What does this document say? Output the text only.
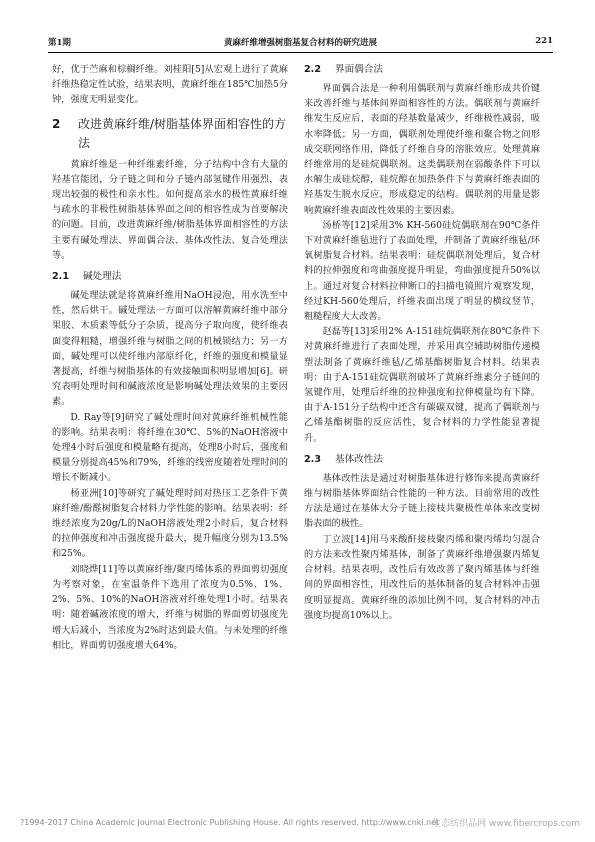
第1期	黄麻纤维增强树脂基复合材料的研究进展	221

好，优于苎麻和棕榈纤维。刘桂阳[5]从宏观上进行了黄麻纤维热稳定性试验，结果表明，黄麻纤维在185℃加热5分钟，强度无明显变化。

2	改进黄麻纤维/树脂基体界面相容性的方法

黄麻纤维是一种纤维素纤维，分子结构中含有大量的羟基官能团，分子链之间和分子链内部氢键作用强烈，表现出较强的极性和亲水性。如何提高亲水的极性黄麻纤维与疏水的非极性树脂基体界面之间的相容性成为首要解决的问题。目前，改进黄麻纤维/树脂基体界面相容性的方法主要有碱处理法、界面偶合法、基体改性法、复合处理法等。

2.1 碱处理法

碱处理法就是将黄麻纤维用NaOH浸泡，用水洗至中性，然后烘干。碱处理法一方面可以溶解黄麻纤维中部分果胶、木质素等低分子杂质，提高分子取向度，使纤维表面变得粗糙，增强纤维与树脂之间的机械锁结力；另一方面，碱处理可以使纤维内部原纤化，纤维的强度和模量显著提高，纤维与树脂基体的有效接触面积明显增加[6]。研究表明处理时间和碱液浓度是影响碱处理法效果的主要因素。

D. Ray等[9]研究了碱处理时间对黄麻纤维机械性能的影响。结果表明：将纤维在30℃、5%的NaOH溶液中处理4小时后强度和模量略有提高，处理8小时后，强度和模量分别提高45%和79%，纤维的线密度随着处理时间的增长不断减小。

杨亚洲[10]等研究了碱处理时间对热压工艺条件下黄麻纤维/酚醛树脂复合材料力学性能的影响。结果表明：纤维经浓度为20g/L的NaOH溶液处理2小时后，复合材料的拉伸强度和冲击强度提升最大，提升幅度分别为13.5%和25%。

刘晓烨[11]等以黄麻纤维/聚丙烯体系的界面剪切强度为考察对象，在室温条件下选用了浓度为0.5%、1%、2%、5%、10%的NaOH溶液对纤维处理1小时。结果表明：随着碱液浓度的增大，纤维与树脂的界面剪切强度先增大后减小，当浓度为2%时达到最大值。与未处理的纤维相比，界面剪切强度增大64%。

2.2 界面偶合法

界面偶合法是一种利用偶联剂与黄麻纤维形成共价键来改善纤维与基体间界面相容性的方法。偶联剂与黄麻纤维发生反应后，表面的羟基数量减少，纤维极性减弱，吸水率降低；另一方面，偶联剂处理使纤维和聚合物之间形成交联网络作用，降低了纤维自身的溶胀效应。处理黄麻纤维常用的是硅烷偶联剂。这类偶联剂在弱酸条件下可以水解生成硅烷醇，硅烷醇在加热条件下与黄麻纤维表面的羟基发生脱水反应，形成稳定的结构。偶联剂的用量是影响黄麻纤维表面改性效果的主要因素。

汤桥等[12]采用3% KH-560硅烷偶联剂在90℃条件下对黄麻纤维毡进行了表面处理，并制备了黄麻纤维毡/环氧树脂复合材料。结果表明：硅烷偶联剂处理后，复合材料的拉伸强度和弯曲强度提升明显，弯曲强度提升50%以上。通过对复合材料拉伸断口的扫描电镜照片观察发现，经过KH-560处理后，纤维表面出现了明显的横纹竖节，粗糙程度大大改善。

赵磊等[13]采用2% A-151硅烷偶联剂在80℃条件下对黄麻纤维进行了表面处理，并采用真空辅助树脂传递模塑法制备了黄麻纤维毡/乙烯基酯树脂复合材料。结果表明：由于A-151硅烷偶联剂破坏了黄麻纤维素分子链间的氢键作用，处理后纤维的拉伸强度和拉伸模量均有下降。由于A-151分子结构中还含有碳碳双键，提高了偶联剂与乙烯基酯树脂的反应活性，复合材料的力学性能显著提升。

2.3 基体改性法

基体改性法是通过对树脂基体进行修饰来提高黄麻纤维与树脂基体界面结合性能的一种方法。目前常用的改性方法是通过在基体大分子链上接枝共聚极性单体来改变树脂表面的极性。

丁立波[14]用马来酸酐接枝聚丙烯和聚丙烯均匀混合的方法来改性聚丙烯基体，制备了黄麻纤维增强聚丙烯复合材料。结果表明，改性后有效改善了聚丙烯基体与纤维间的界面相容性，用改性后的基体制备的复合材料冲击强度明显提高。黄麻纤维的添加比例不同，复合材料的冲击强度均提高10%以上。

?1994-2017 China Academic Journal Electronic Publishing House. All rights reserved. http://www.cnki.net
生态纺织品网 www.fibercrops.com
